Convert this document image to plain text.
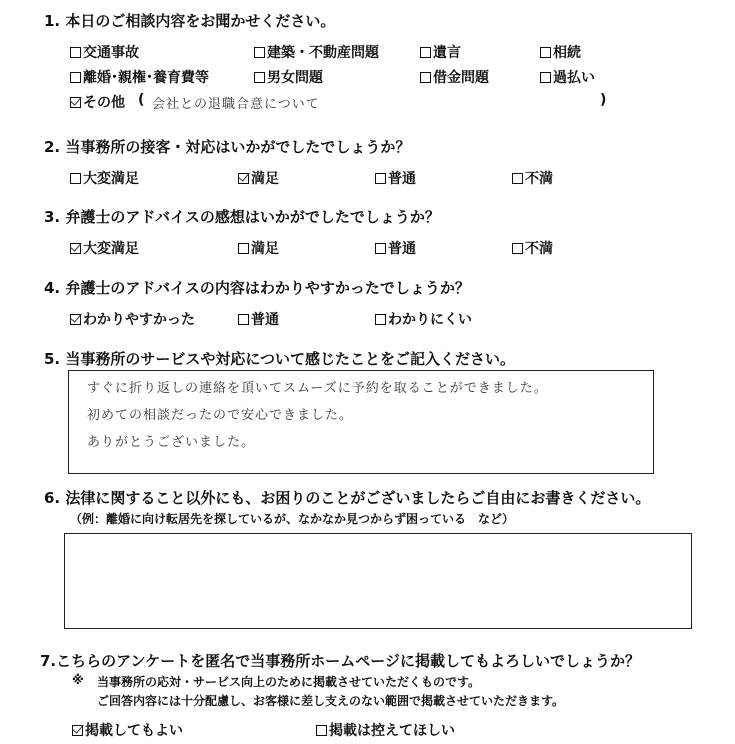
1. 本日のご相談内容をお聞かせください。
交通事故	建築・不動産問題	遺言	相続
離婚･親権･養育費等	男女問題	借金問題	過払い
その他 ( 会社との退職合意について	)
2. 当事務所の接客・対応はいかがでしたでしょうか？
大変満足	満足	普通	不満
3. 弁護士のアドバイスの感想はいかがでしたでしょうか？
大変満足	満足	普通	不満
4. 弁護士のアドバイスの内容はわかりやすかったでしょうか？
わかりやすかった	普通	わかりにくい
5. 当事務所のサービスや対応について感じたことをご記入ください。
すぐに折り返しの連絡を頂いてスムーズに予約を取ることができました。
初めての相談だったので安心できました。
ありがとうございました。
6. 法律に関すること以外にも、お困りのことがございましたらご自由にお書きください。
（例：離婚に向け転居先を探しているが、なかなか見つからず困っている　など）
7.こちらのアンケートを匿名で当事務所ホームページに掲載してもよろしいでしょうか？
※ 当事務所の応対・サービス向上のために掲載させていただくものです。
ご回答内容には十分配慮し、お客様に差し支えのない範囲で掲載させていただきます。
掲載してもよい	掲載は控えてほしい
